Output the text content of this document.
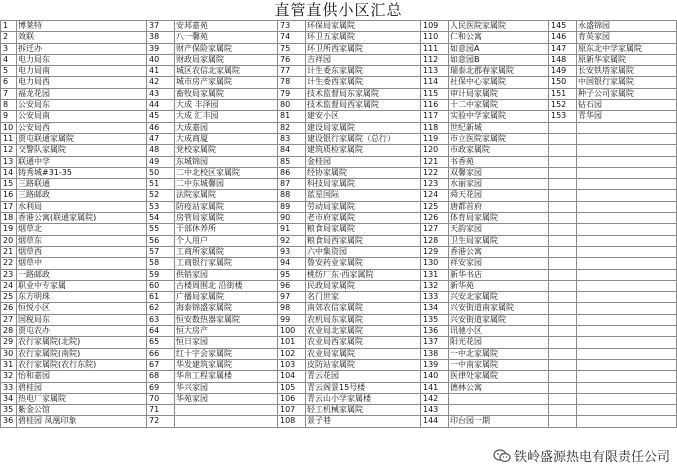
直管直供小区汇总
1	博莱特	37	安邦嘉苑	73	环保局家属院	109	人民医院家属院	145	永盛锦园
2	效联	38	八一馨苑	74	环卫五家属院	110	仁和公寓	146	育英家园
3	拆迁办	39	财产保险家属院	75	环卫所西家属院	111	如意园A	147	原东北中学家属院
4	电力局东	40	财政局家属院	76	吉祥园	112	如意园B	148	原新华家属院
5	电力局南	41	城区农信北家属院	77	计生委东家属院	113	瑞泰北郡春家属院	149	长安铁塔家属院
6	电力局西	42	城市房产家属院	78	计生委西家属院	114	社保中心家属院	150	中国银行家属院
7	福龙花园	43	畜牧局家属院	79	技术监督局东家属院	115	审计局家属院	151	种子公司家属院
8	公安局东	44	大成 丰泽园	80	技术监督局西家属院	116	十二中家属院	152	钻石园
9	公安局南	45	大成 汇丰园	81	建安小区	117	实验中学家属院	153	青华园
10	公安局西	46	大成嘉园	82	建设局家属院	118	世纪新城		
11	贾屯联通家属院	47	大成商厦	83	建设银行家属院（总行）	119	市立医院家属院		
12	交警队家属院	48	党校家属院	84	建筑质检家属院	120	市政家属院		
13	联通中学	49	东城锦园	85	金桂园	121	书香苑		
14	铸秀城#31-35	50	二中北校区家属院	86	经协家属院	122	双馨家园		
15	三路联通	51	二中东城馨园	87	科技局家属院	123	水丽家园		
16	三路邮政	52	法院家属院	88	蓝星国际	124	舜天花园		
17	水利局	53	防疫站家属院	89	劳动局家属院	125	唐都首府		
18	香港公寓(联通家属院)	54	房管局家属院	90	老市府家属院	126	体育局家属院		
19	烟草北	55	干部休养所	91	粮食局家属院	127	天韵家园		
20	烟草东	56	个人用户	92	粮食局西家属院	128	卫生局家属院		
21	烟草西	57	工商所家属院	93	六中集资园	129	香港公寓		
22	烟草中	58	工商银行家属院	94	鲁安药业家属院	130	祥安家园		
23	一路邮政	59	供销家园	95	桃纺厂东·西家属院	131	新华书店		
24	职业中专家属	60	古楼周围北 沿街楼	96	民政局家属院	132	新华苑		
25	东方明珠	61	广播局家属院	97	名门世家	133	兴安北家属院		
26	恒悦小区	62	海泰锦盛家属院	98	南郊农信家属院	134	兴安街道南家属院		
27	国税局东	63	恒安数热器家属院	99	农机局东家属院	135	兴安街道家属院		
28	贾屯农办	64	恒大房产	100	农业局北家属院	136	讯驰小区		
29	农行家属院(北院)	65	恒日家园	101	农业局西家属院	137	阳光花园		
30	农行家属院(南院)	66	红十字会家属院	102	农业局家属院	138	一中北家属院		
31	农行家属院(农行东院)	67	华发建筑家属院	103	皮防站家属院	139	一中南家属院		
32	怡和嘉园	68	华帛工程家属楼	104	青云花园	140	医律处家属院		
33	碧桂园	69	华兴家园	105	青云阁景15号楼	141	德林公寓		
34	热电厂家属院	70	华苑家园	106	青云山小学家属楼	142			
35	紫金公馆	71		107	轻工机械家属院	143			
36	碧桂园 凤凰印象	72		108	景子巷	144	印台园一期		
铁岭盛源热电有限责任公司
